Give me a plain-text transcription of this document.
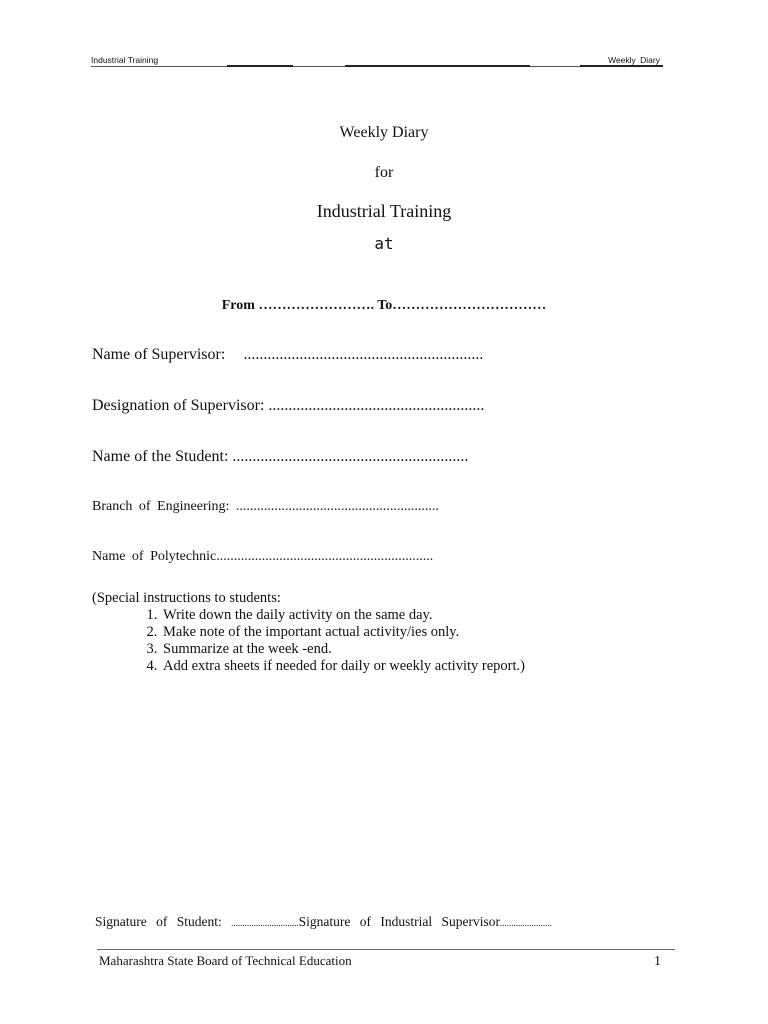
Industrial Training	Weekly Diary
Weekly Diary
for
Industrial Training
at
From ……………………. To……………………………
Name of Supervisor: ............................................................
Designation of Supervisor: ......................................................
Name of the Student: ...........................................................
Branch of Engineering: ..........................................................
Name of Polytechnic..............................................................
(Special instructions to students:
1. Write down the daily activity on the same day.
2. Make note of the important actual activity/ies only.
3. Summarize at the week -end.
4. Add extra sheets if needed for daily or weekly activity report.)
Signature of Student: ..............................Signature of Industrial Supervisor.......................
Maharashtra State Board of Technical Education	1
